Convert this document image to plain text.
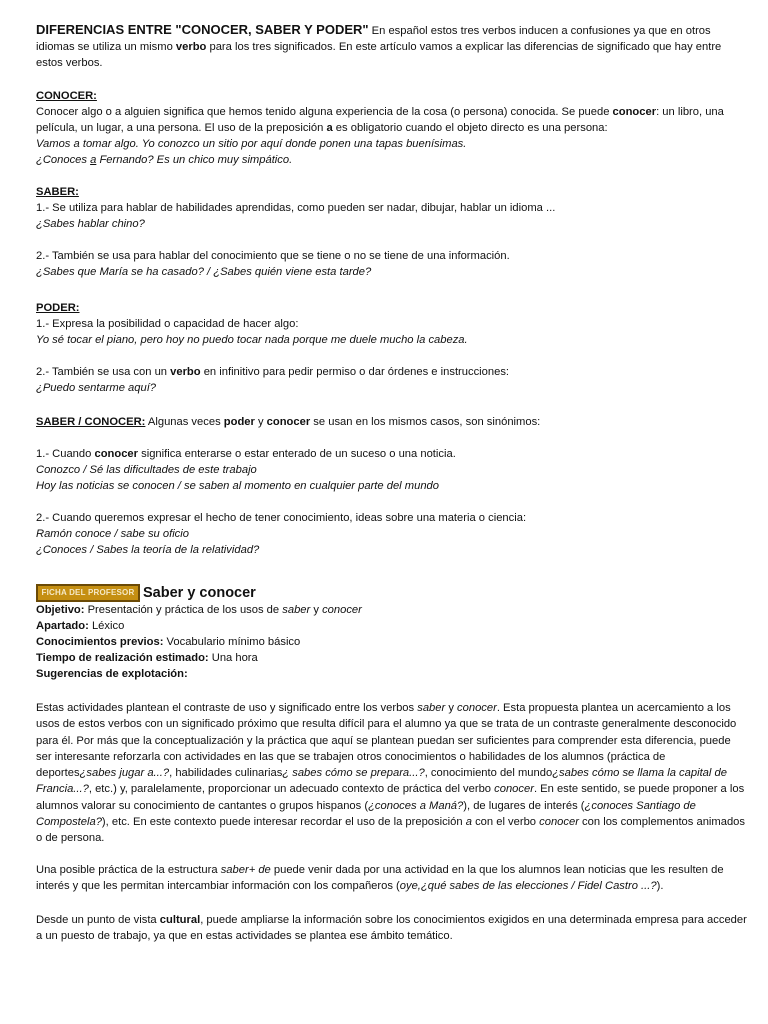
DIFERENCIAS ENTRE "CONOCER, SABER Y PODER" En español estos tres verbos inducen a confusiones ya que en otros idiomas se utiliza un mismo verbo para los tres significados. En este artículo vamos a explicar las diferencias de significado que hay entre estos verbos.

CONOCER:
Conocer algo o a alguien significa que hemos tenido alguna experiencia de la cosa (o persona) conocida. Se puede conocer: un libro, una película, un lugar, a una persona. El uso de la preposición a es obligatorio cuando el objeto directo es una persona:
Vamos a tomar algo. Yo conozco un sitio por aquí donde ponen una tapas buenísimas.
¿Conoces a Fernando? Es un chico muy simpático.
SABER:
1.- Se utiliza para hablar de habilidades aprendidas, como pueden ser nadar, dibujar, hablar un idioma ...
¿Sabes hablar chino?
2.- También se usa para hablar del conocimiento que se tiene o no se tiene de una información.
¿Sabes que María se ha casado? / ¿Sabes quién viene esta tarde?
PODER:
1.- Expresa la posibilidad o capacidad de hacer algo:
Yo sé tocar el piano, pero hoy no puedo tocar nada porque me duele mucho la cabeza.
2.- También se usa con un verbo en infinitivo para pedir permiso o dar órdenes e instrucciones:
¿Puedo sentarme aquí?
SABER / CONOCER: Algunas veces poder y conocer se usan en los mismos casos, son sinónimos:
1.- Cuando conocer significa enterarse o estar enterado de un suceso o una noticia.
Conozco / Sé las dificultades de este trabajo
Hoy las noticias se conocen / se saben al momento en cualquier parte del mundo
2.- Cuando queremos expresar el hecho de tener conocimiento, ideas sobre una materia o ciencia:
Ramón conoce / sabe su oficio
¿Conoces / Sabes la teoría de la relatividad?
FICHA DEL PROFESOR Saber y conocer
Objetivo: Presentación y práctica de los usos de saber y conocer
Apartado: Léxico
Conocimientos previos: Vocabulario mínimo básico
Tiempo de realización estimado: Una hora
Sugerencias de explotación:

Estas actividades plantean el contraste de uso y significado entre los verbos saber y conocer. Esta propuesta plantea un acercamiento a los usos de estos verbos con un significado próximo que resulta difícil para el alumno ya que se trata de un contraste generalmente desconocido para él. Por más que la conceptualización y la práctica que aquí se plantean puedan ser suficientes para comprender esta diferencia, puede ser interesante reforzarla con actividades en las que se trabajen otros conocimientos o habilidades de los alumnos (práctica de deportes¿sabes jugar a...?, habilidades culinarias¿ sabes cómo se prepara...?, conocimiento del mundo¿sabes cómo se llama la capital de Francia...?, etc.) y, paralelamente, proporcionar un adecuado contexto de práctica del verbo conocer. En este sentido, se puede proponer a los alumnos valorar su conocimiento de cantantes o grupos hispanos (¿conoces a Maná?), de lugares de interés (¿conoces Santiago de Compostela?), etc. En este contexto puede interesar recordar el uso de la preposición a con el verbo conocer con los complementos animados o de persona.

Una posible práctica de la estructura saber+ de puede venir dada por una actividad en la que los alumnos lean noticias que les resulten de interés y que les permitan intercambiar información con los compañeros (oye,¿qué sabes de las elecciones / Fidel Castro ...?).

Desde un punto de vista cultural, puede ampliarse la información sobre los conocimientos exigidos en una determinada empresa para acceder a un puesto de trabajo, ya que en estas actividades se plantea ese ámbito temático.
